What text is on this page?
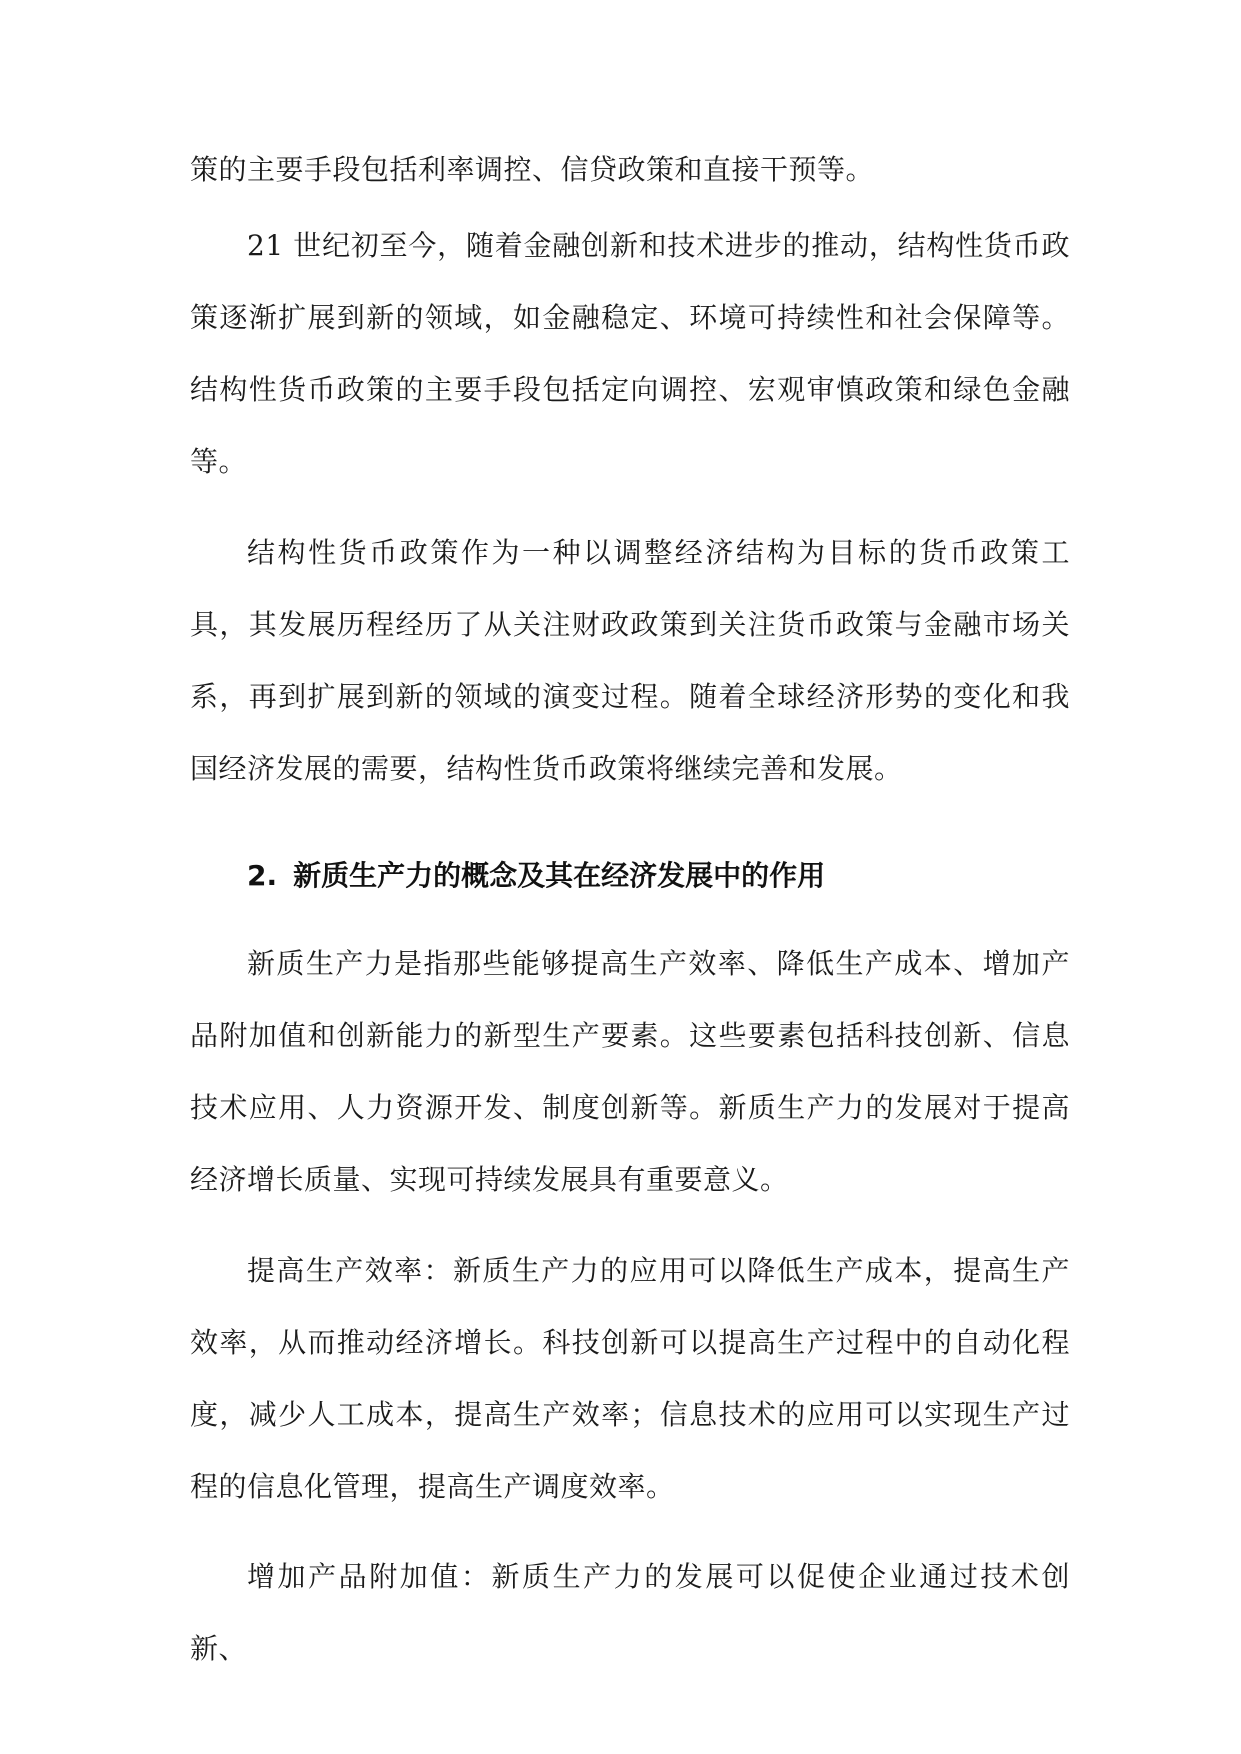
策的主要手段包括利率调控、信贷政策和直接干预等。

21 世纪初至今，随着金融创新和技术进步的推动，结构性货币政策逐渐扩展到新的领域，如金融稳定、环境可持续性和社会保障等。结构性货币政策的主要手段包括定向调控、宏观审慎政策和绿色金融等。

结构性货币政策作为一种以调整经济结构为目标的货币政策工具，其发展历程经历了从关注财政政策到关注货币政策与金融市场关系，再到扩展到新的领域的演变过程。随着全球经济形势的变化和我国经济发展的需要，结构性货币政策将继续完善和发展。

2. 新质生产力的概念及其在经济发展中的作用

新质生产力是指那些能够提高生产效率、降低生产成本、增加产品附加值和创新能力的新型生产要素。这些要素包括科技创新、信息技术应用、人力资源开发、制度创新等。新质生产力的发展对于提高经济增长质量、实现可持续发展具有重要意义。

提高生产效率：新质生产力的应用可以降低生产成本，提高生产效率，从而推动经济增长。科技创新可以提高生产过程中的自动化程度，减少人工成本，提高生产效率；信息技术的应用可以实现生产过程的信息化管理，提高生产调度效率。

增加产品附加值：新质生产力的发展可以促使企业通过技术创新、
